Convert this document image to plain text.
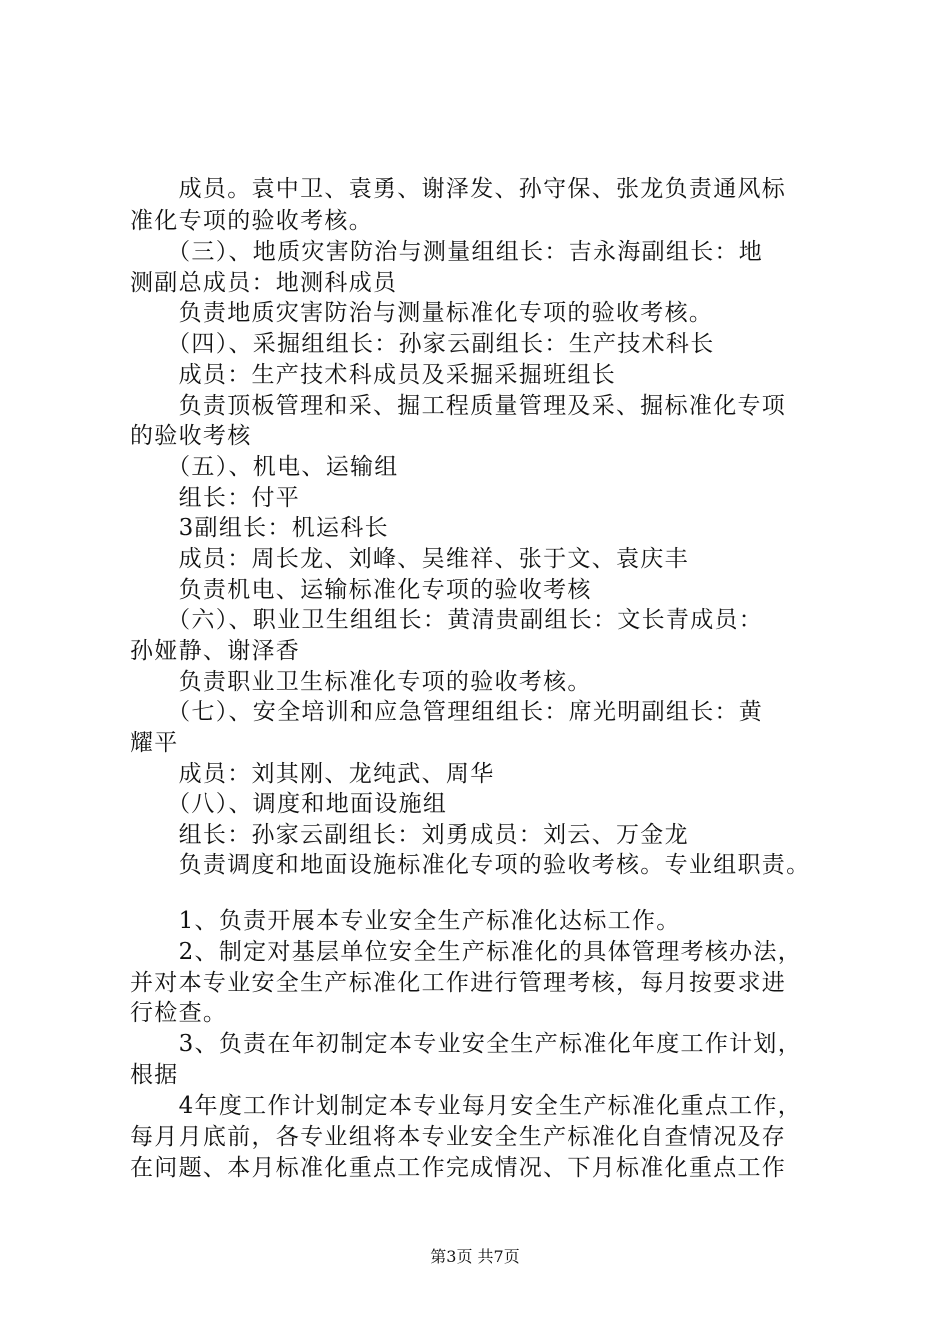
　　成员。袁中卫、袁勇、谢泽发、孙守保、张龙负责通风标
准化专项的验收考核。
　　（三）、地质灾害防治与测量组组长：吉永海副组长：地
测副总成员：地测科成员
　　负责地质灾害防治与测量标准化专项的验收考核。
　　（四）、采掘组组长：孙家云副组长：生产技术科长
　　成员：生产技术科成员及采掘采掘班组长
　　负责顶板管理和采、掘工程质量管理及采、掘标准化专项
的验收考核
　　（五）、机电、运输组
　　组长：付平
　　3副组长：机运科长
　　成员：周长龙、刘峰、吴维祥、张于文、袁庆丰
　　负责机电、运输标准化专项的验收考核
　　（六）、职业卫生组组长：黄清贵副组长：文长青成员：
孙娅静、谢泽香
　　负责职业卫生标准化专项的验收考核。
　　（七）、安全培训和应急管理组组长：席光明副组长：黄
耀平
　　成员：刘其刚、龙纯武、周华
　　（八）、调度和地面设施组
　　组长：孙家云副组长：刘勇成员：刘云、万金龙
　　负责调度和地面设施标准化专项的验收考核。专业组职责。
　　1、负责开展本专业安全生产标准化达标工作。
　　2、制定对基层单位安全生产标准化的具体管理考核办法，
并对本专业安全生产标准化工作进行管理考核，每月按要求进
行检查。
　　3、负责在年初制定本专业安全生产标准化年度工作计划，
根据
　　4年度工作计划制定本专业每月安全生产标准化重点工作，
每月月底前，各专业组将本专业安全生产标准化自查情况及存
在问题、本月标准化重点工作完成情况、下月标准化重点工作
第3页 共7页
